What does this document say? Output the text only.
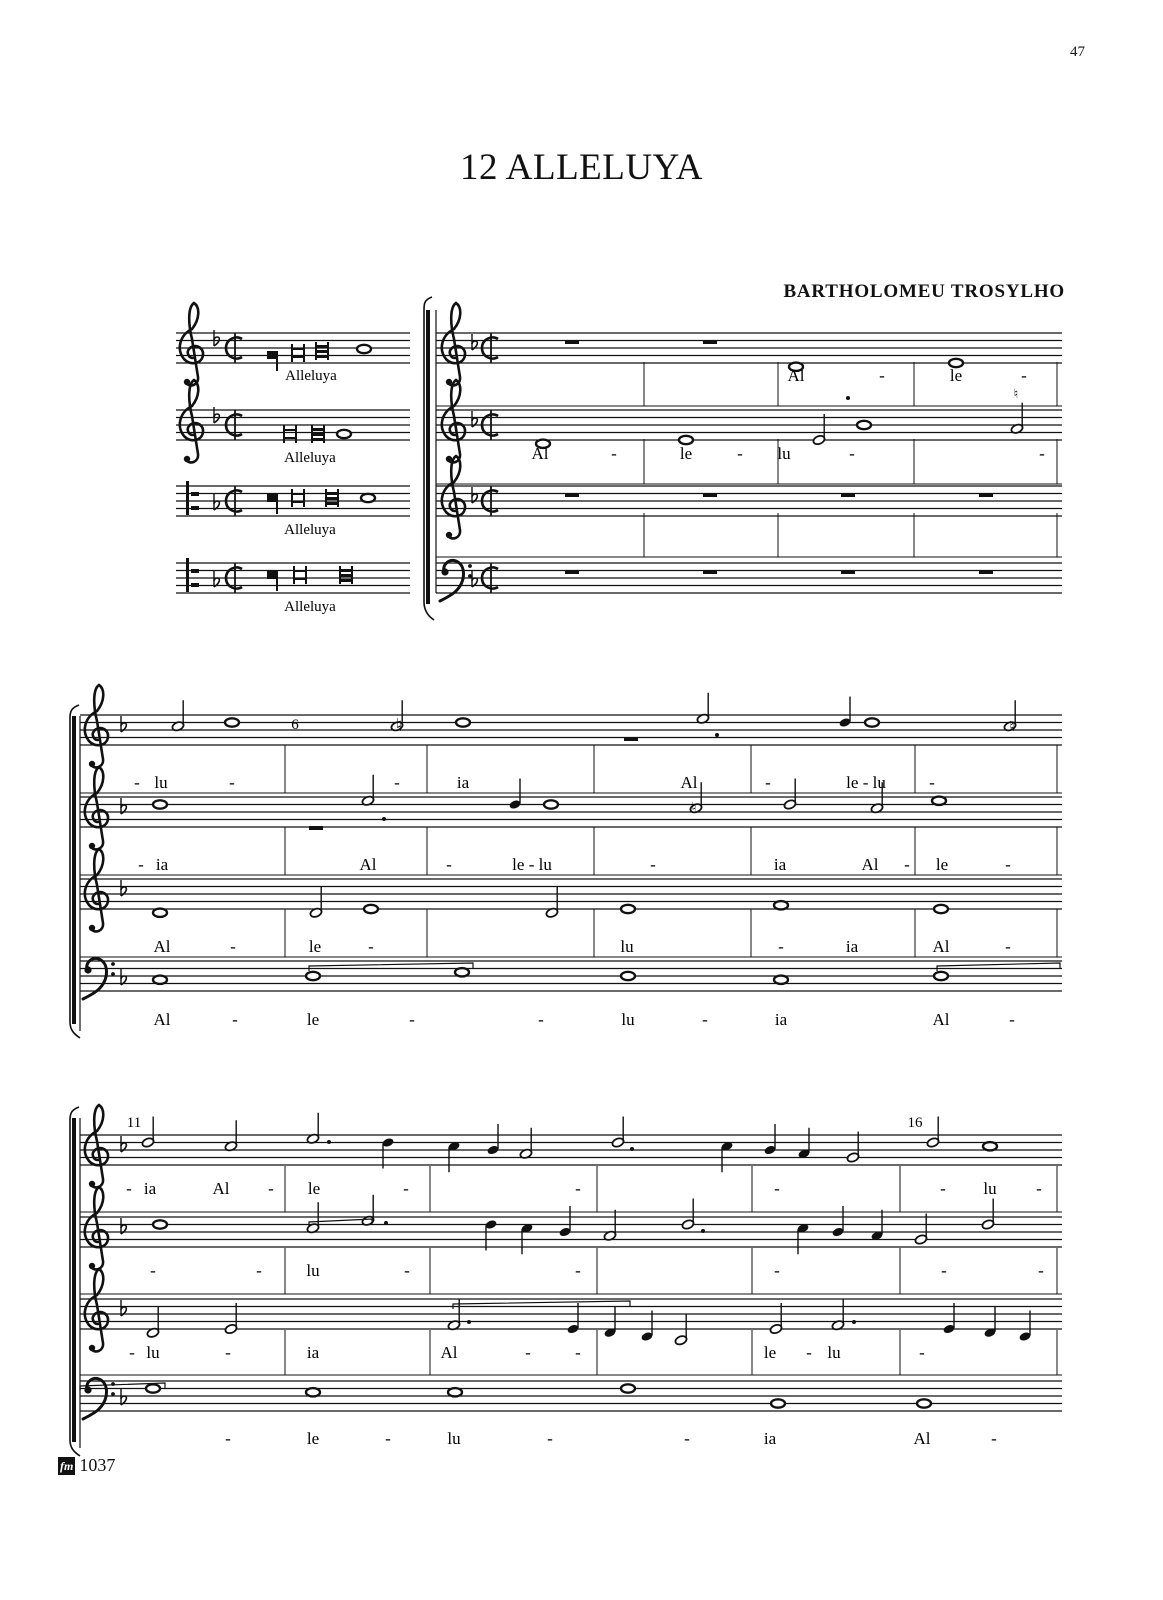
47
12 ALLELUYA
BARTHOLOMEU TROSYLHO
Alleluya
Alleluya
Alleluya
Alleluya
♮
Al	-	le	-
Al	-	le	- lu	-	-
6	♮	♮
♮
- lu	-	-	ia	Al	-	le - lu	-
- ia	Al	-	le - lu	-	ia	Al - le	-
Al	-	le	-	lu	-	ia	Al	-
Al	-	le	-	-	lu	-	ia	Al	-
11	16
- ia	Al - le	-	-	-	- lu -
-	-	lu	-	-	-	-	-
- lu	-	ia	Al	-	-	le - lu	-
-	le	-	lu	-	-	ia	Al	-
fm 1037
